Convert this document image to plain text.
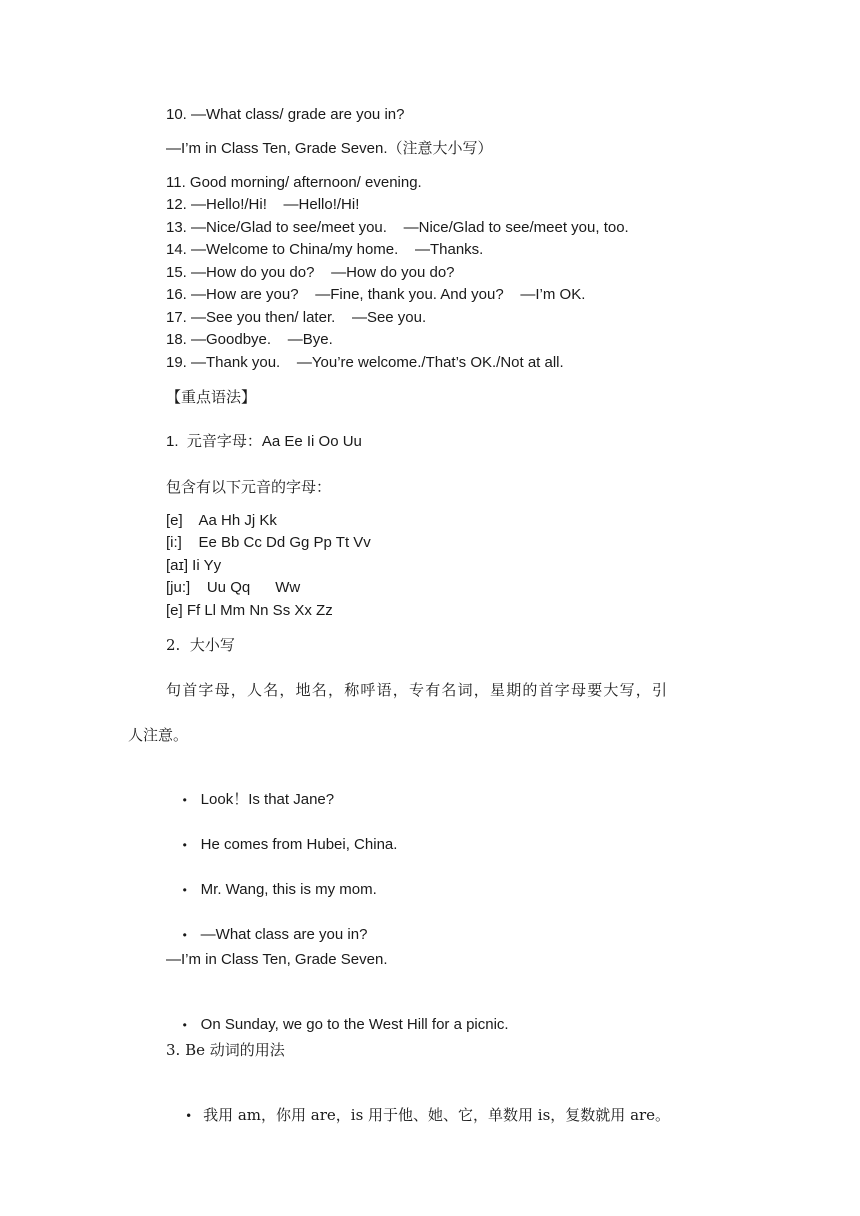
10. —What class/ grade are you in?
—I’m in Class Ten, Grade Seven.（注意大小写）
11. Good morning/ afternoon/ evening.
12. —Hello!/Hi!    —Hello!/Hi!
13. —Nice/Glad to see/meet you.    —Nice/Glad to see/meet you, too.
14. —Welcome to China/my home.    —Thanks.
15. —How do you do?    —How do you do?
16. —How are you?    —Fine, thank you. And you?    —I’m OK.
17. —See you then/ later.    —See you.
18. —Goodbye.    —Bye.
19. —Thank you.    —You’re welcome./That’s OK./Not at all.
【重点语法】
1.  元音字母：Aa Ee Ii Oo Uu
包含有以下元音的字母：
[e]    Aa Hh Jj Kk
[i:]    Ee Bb Cc Dd Gg Pp Tt Vv
[aɪ] Ii Yy
[ju:]    Uu Qq      Ww
[e] Ff Ll Mm Nn Ss Xx Zz
2.  大小写
句首字母，人名，地名，称呼语，专有名词，星期的首字母要大写，引
人注意。

• Look！Is that Jane?

• He comes from Hubei, China.

• Mr. Wang, this is my mom.

• —What class are you in?

—I’m in Class Ten, Grade Seven.

• On Sunday, we go to the West Hill for a picnic.

3. Be 动词的用法

• 我用 am，你用 are，is 用于他、她、它，单数用 is，复数就用 are。
